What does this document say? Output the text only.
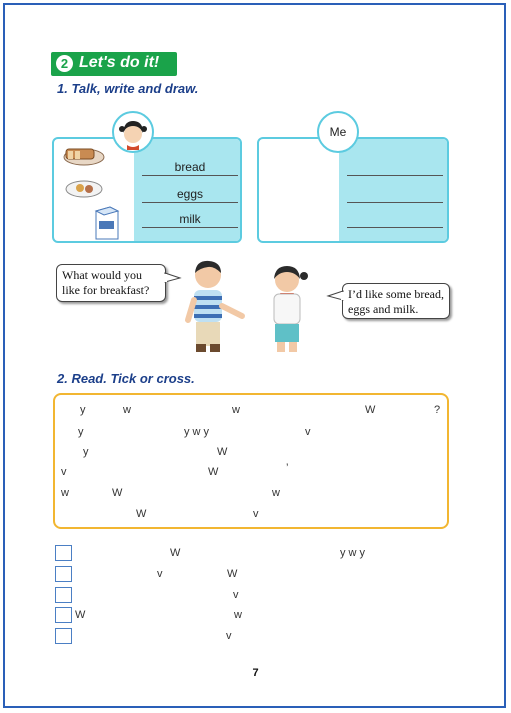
2 Let's do it!
1. Talk, write and draw.
bread
eggs
milk
Me
What would you like for breakfast?	I’d like some bread, eggs and milk.
2. Read. Tick or cross.
y	w	w	W	?
y	y w y	v
y	W
v	W	’
w	W	w
W	v
W	y w y
v	W
v
W	w
v
7
